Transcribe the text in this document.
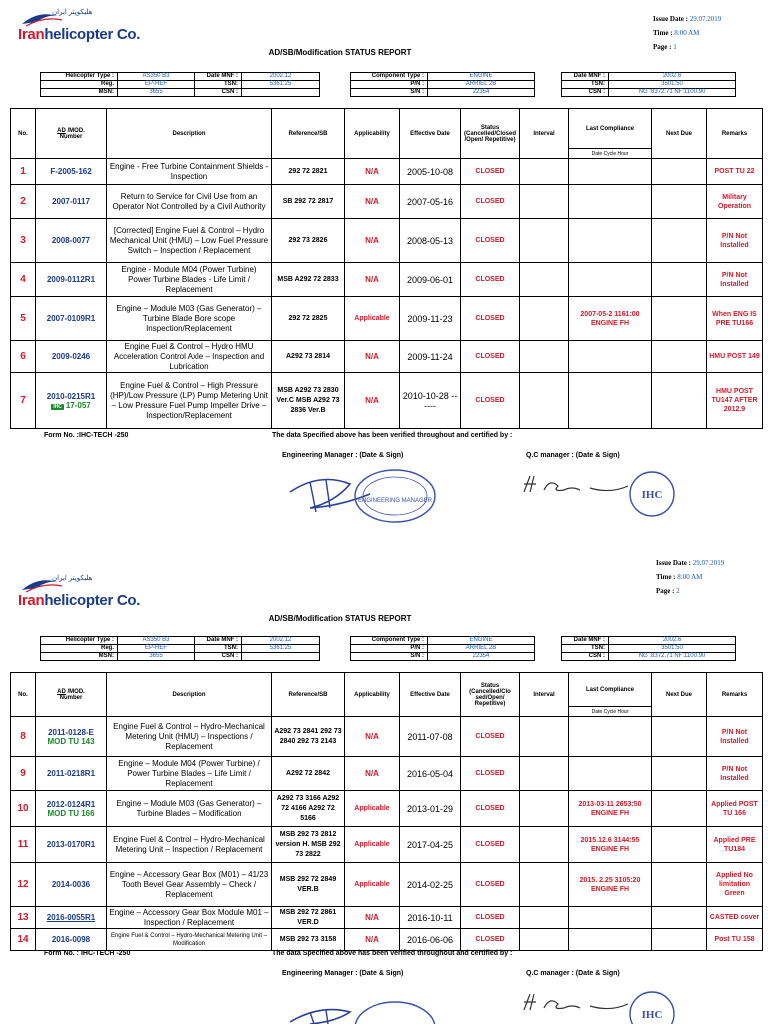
هلیکوپتر ایران
Iranhelicopter Co.
Issue Date : 29.07.2019
Time : 8:00 AM
Page : 1
AD/SB/Modification STATUS REPORT
Helicopter Type :	AS350 B3	Date MNF :	2002.12
Reg.	EP-HEF	TSN:	5361:25
MSN:	3655	CSN :	
Component Type :	ENGINE		Date MNF :	2002.6
P/N :	ARRIEL 2B		TSN:	3501:50
S/N :	22354		CSN :	NG :8372.71 NF:1100.90
No.	AD /MOD.
Number	Description	Reference/SB	Applicability	Effective Date	Status (Cancelled/Closed /Open/ Repetitive)	Interval	Last Compliance	Next Due	Remarks
								Date Cycle Hour		
1	F-2005-162	Engine - Free Turbine Containment Shields - Inspection	292 72 2821	N/A	2005-10-08	CLOSED				POST TU 22
2	2007-0117	Return to Service for Civil Use from an Operator Not Controlled by a Civil Authority	SB 292 72 2817	N/A	2007-05-16	CLOSED				Military Operation
3	2008-0077	[Corrected] Engine Fuel & Control – Hydro Mechanical Unit (HMU) – Low Fuel Pressure Switch – Inspection / Replacement	292 73 2826	N/A	2008-05-13	CLOSED				P/N Not Installed
4	2009-0112R1	Engine - Module M04 (Power Turbine) Power Turbine Blades - Life Limit / Replacement	MSB A292 72 2833	N/A	2009-06-01	CLOSED				P/N Not Installed
5	2007-0109R1	Engine – Module M03 (Gas Generator) – Turbine Blade Bore scope Inspection/Replacement	292 72 2825	Applicable	2009-11-23	CLOSED		2007-05-2 1161:00 ENGINE FH		When ENG IS PRE TU166
6	2009-0246	Engine Fuel & Control – Hydro HMU Acceleration Control Axle – Inspection and Lubrication	A292 73 2814	N/A	2009-11-24	CLOSED				HMU POST 149
7	2010-0215R1
IHC 17-057	Engine Fuel & Control – High Pressure (HP)/Low Pressure (LP) Pump Metering Unit – Low Pressure Fuel Pump Impeller Drive – Inspection/Replacement	MSB A292 73 2830 Ver.C MSB A292 73 2836 Ver.B	N/A	2010-10-28 ------	CLOSED				HMU POST TU147 AFTER 2012.9
Form No. :IHC-TECH -250	The data Specified above has been verified throughout and certified by :
Engineering Manager : (Date & Sign)	Q.C manager : (Date & Sign)
ENGINEERING MANAGER	IHC
هلیکوپتر ایران
Iranhelicopter Co.
Issue Date : 29.07.2019
Time : 8:00 AM
Page : 2
AD/SB/Modification STATUS REPORT
Helicopter Type :	AS350 B3	Date MNF :	2002.12
Reg.	EP-HEF	TSN:	5361:25
MSN:	3655	CSN :	
Component Type :	ENGINE		Date MNF :	2002.6
P/N :	ARRIEL 2B		TSN:	3501:50
S/N :	22354		CSN :	NG :8372.71 NF:1100.90
No.	AD /MOD.
Number	Description	Reference/SB	Applicability	Effective Date	Status (Cancelled/Clo sed/Open/ Repetitive)	Interval	Last Compliance	Next Due	Remarks
								Date Cycle Hour		
8	2011-0128-E
MOD TU 143	Engine Fuel & Control – Hydro-Mechanical Metering Unit (HMU) – Inspections / Replacement	A292 73 2841 292 73 2840 292 73 2143	N/A	2011-07-08	CLOSED				P/N Not Installed
9	2011-0218R1	Engine – Module M04 (Power Turbine) / Power Turbine Blades – Life Limit / Replacement	A292 72 2842	N/A	2016-05-04	CLOSED				P/N Not Installed
10	2012-0124R1
MOD TU 166	Engine – Module M03 (Gas Generator) – Turbine Blades – Modification	A292 73 3166 A292 72 4166 A292 72 5166	Applicable	2013-01-29	CLOSED		2013-03-11 2653:50 ENGINE FH		Applied POST TU 166
11	2013-0170R1	Engine Fuel & Control – Hydro-Mechanical Metering Unit – Inspection / Replacement	MSB 292 73 2812 version H. MSB 292 73 2822	Applicable	2017-04-25	CLOSED		2015.12.6 3144:55 ENGINE FH		Applied PRE TU184
12	2014-0036	Engine – Accessory Gear Box (M01) – 41/23 Tooth Bevel Gear Assembly – Check / Replacement	MSB 292 72 2849 VER.B	Applicable	2014-02-25	CLOSED		2015. 2.25 3105:20 ENGINE FH		Applied No limitation Green
13	2016-0055R1	Engine – Accessory Gear Box Module M01 – Inspection / Replacement	MSB 292 72 2861 VER.D	N/A	2016-10-11	CLOSED				CASTED cover
14	2016-0098	Engine Fuel & Control – Hydro-Mechanical Metering Unit – Modification	MSB 292 73 3158	N/A	2016-06-06	CLOSED				Post TU 158
Form No. : IHC-TECH -250	The data Specified above has been verified throughout and certified by :
Engineering Manager : (Date & Sign)	Q.C manager : (Date & Sign)
IHC
